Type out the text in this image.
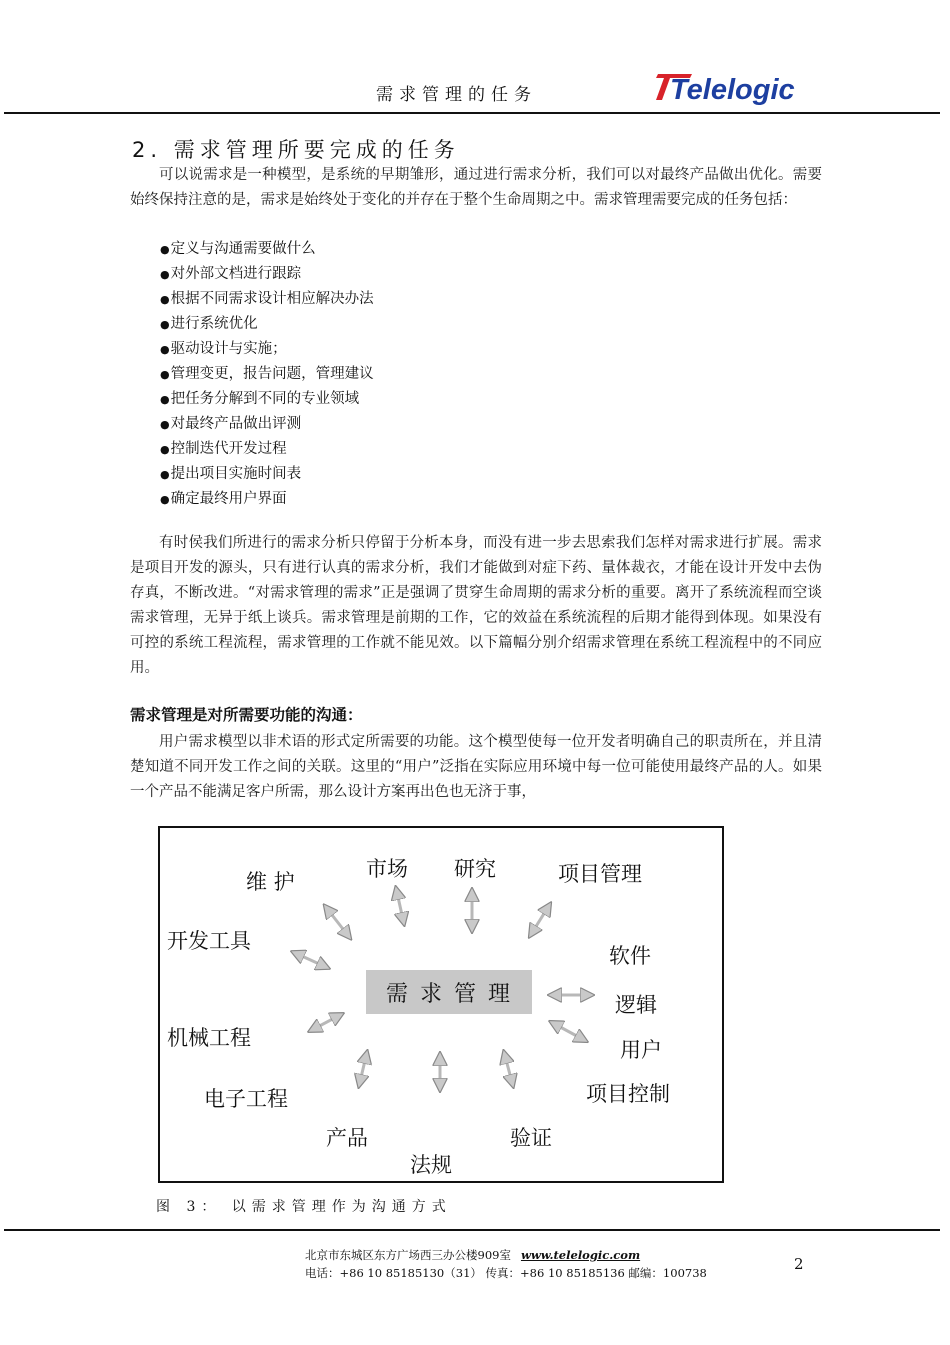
需求管理的任务	Telelogic
2. 需求管理所要完成的任务

可以说需求是一种模型，是系统的早期雏形，通过进行需求分析，我们可以对最终产品做出优化。需要始终保持注意的是，需求是始终处于变化的并存在于整个生命周期之中。需求管理需要完成的任务包括：

● 定义与沟通需要做什么
● 对外部文档进行跟踪
● 根据不同需求设计相应解决办法
● 进行系统优化
● 驱动设计与实施；
● 管理变更，报告问题，管理建议
● 把任务分解到不同的专业领域
● 对最终产品做出评测
● 控制迭代开发过程
● 提出项目实施时间表
● 确定最终用户界面

有时侯我们所进行的需求分析只停留于分析本身，而没有进一步去思索我们怎样对需求进行扩展。需求是项目开发的源头，只有进行认真的需求分析，我们才能做到对症下药、量体裁衣，才能在设计开发中去伪存真，不断改进。“对需求管理的需求”正是强调了贯穿生命周期的需求分析的重要。离开了系统流程而空谈需求管理，无异于纸上谈兵。需求管理是前期的工作，它的效益在系统流程的后期才能得到体现。如果没有可控的系统工程流程，需求管理的工作就不能见效。以下篇幅分别介绍需求管理在系统工程流程中的不同应用。

需求管理是对所需要功能的沟通：

用户需求模型以非术语的形式定所需要的功能。这个模型使每一位开发者明确自己的职责所在，并且清楚知道不同开发工作之间的关联。这里的“用户”泛指在实际应用环境中每一位可能使用最终产品的人。如果一个产品不能满足客户所需，那么设计方案再出色也无济于事，

需求管理
维 护
市场 研究	项目管理
开发工具
软件
逻辑
机械工程	用户
电子工程	项目控制
产品	验证
法规
图 3： 以需求管理作为沟通方式
北京市东城区东方广场西三办公楼909室 www.telelogic.com
电话：+86 10 85185130（31） 传真：+86 10 85185136 邮编：100738	2
